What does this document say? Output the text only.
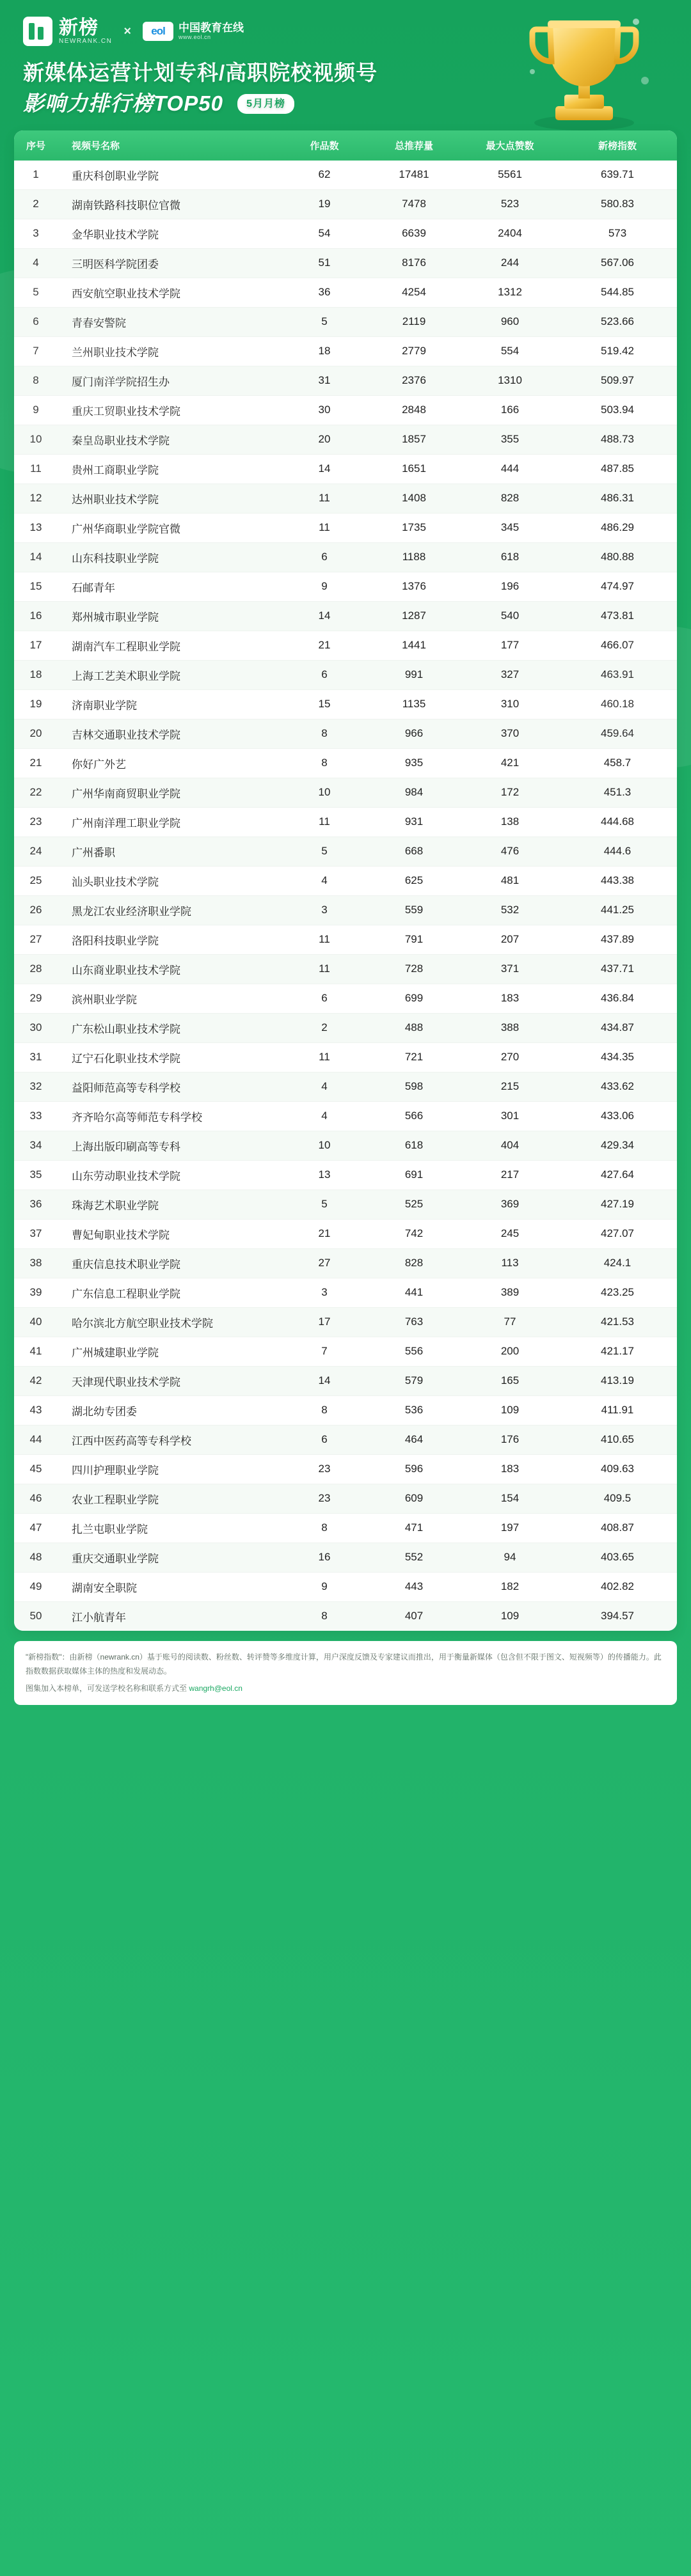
新榜
NEWRANK.CN
×	eol	中国教育在线
www.eol.cn
新媒体运营计划专科/高职院校视频号
影响力排行榜TOP50 5月月榜
序号	视频号名称	作品数	总推荐量	最大点赞数	新榜指数
1	重庆科创职业学院	62	17481	5561	639.71
2	湖南铁路科技职位官微	19	7478	523	580.83
3	金华职业技术学院	54	6639	2404	573
4	三明医科学院团委	51	8176	244	567.06
5	西安航空职业技术学院	36	4254	1312	544.85
6	青春安警院	5	2119	960	523.66
7	兰州职业技术学院	18	2779	554	519.42
8	厦门南洋学院招生办	31	2376	1310	509.97
9	重庆工贸职业技术学院	30	2848	166	503.94
10	秦皇岛职业技术学院	20	1857	355	488.73
11	贵州工商职业学院	14	1651	444	487.85
12	达州职业技术学院	11	1408	828	486.31
13	广州华商职业学院官微	11	1735	345	486.29
14	山东科技职业学院	6	1188	618	480.88
15	石邮青年	9	1376	196	474.97
16	郑州城市职业学院	14	1287	540	473.81
17	湖南汽车工程职业学院	21	1441	177	466.07
18	上海工艺美术职业学院	6	991	327	463.91
19	济南职业学院	15	1135	310	460.18
20	吉林交通职业技术学院	8	966	370	459.64
21	你好广外艺	8	935	421	458.7
22	广州华南商贸职业学院	10	984	172	451.3
23	广州南洋理工职业学院	11	931	138	444.68
24	广州番职	5	668	476	444.6
25	汕头职业技术学院	4	625	481	443.38
26	黑龙江农业经济职业学院	3	559	532	441.25
27	洛阳科技职业学院	11	791	207	437.89
28	山东商业职业技术学院	11	728	371	437.71
29	滨州职业学院	6	699	183	436.84
30	广东松山职业技术学院	2	488	388	434.87
31	辽宁石化职业技术学院	11	721	270	434.35
32	益阳师范高等专科学校	4	598	215	433.62
33	齐齐哈尔高等师范专科学校	4	566	301	433.06
34	上海出版印刷高等专科	10	618	404	429.34
35	山东劳动职业技术学院	13	691	217	427.64
36	珠海艺术职业学院	5	525	369	427.19
37	曹妃甸职业技术学院	21	742	245	427.07
38	重庆信息技术职业学院	27	828	113	424.1
39	广东信息工程职业学院	3	441	389	423.25
40	哈尔滨北方航空职业技术学院	17	763	77	421.53
41	广州城建职业学院	7	556	200	421.17
42	天津现代职业技术学院	14	579	165	413.19
43	湖北幼专团委	8	536	109	411.91
44	江西中医药高等专科学校	6	464	176	410.65
45	四川护理职业学院	23	596	183	409.63
46	农业工程职业学院	23	609	154	409.5
47	扎兰屯职业学院	8	471	197	408.87
48	重庆交通职业学院	16	552	94	403.65
49	湖南安全职院	9	443	182	402.82
50	江小航青年	8	407	109	394.57
"新榜指数"：由新榜（newrank.cn）基于账号的阅读数、粉丝数、转评赞等多维度计算，用户深度反馈及专家建议而推出，用于衡量新媒体（包含但不限于图文、短视频等）的传播能力。此指数数据获取媒体主体的热度和发展动态。
图集加入本榜单，可发送学校名称和联系方式至 wangrh@eol.cn
